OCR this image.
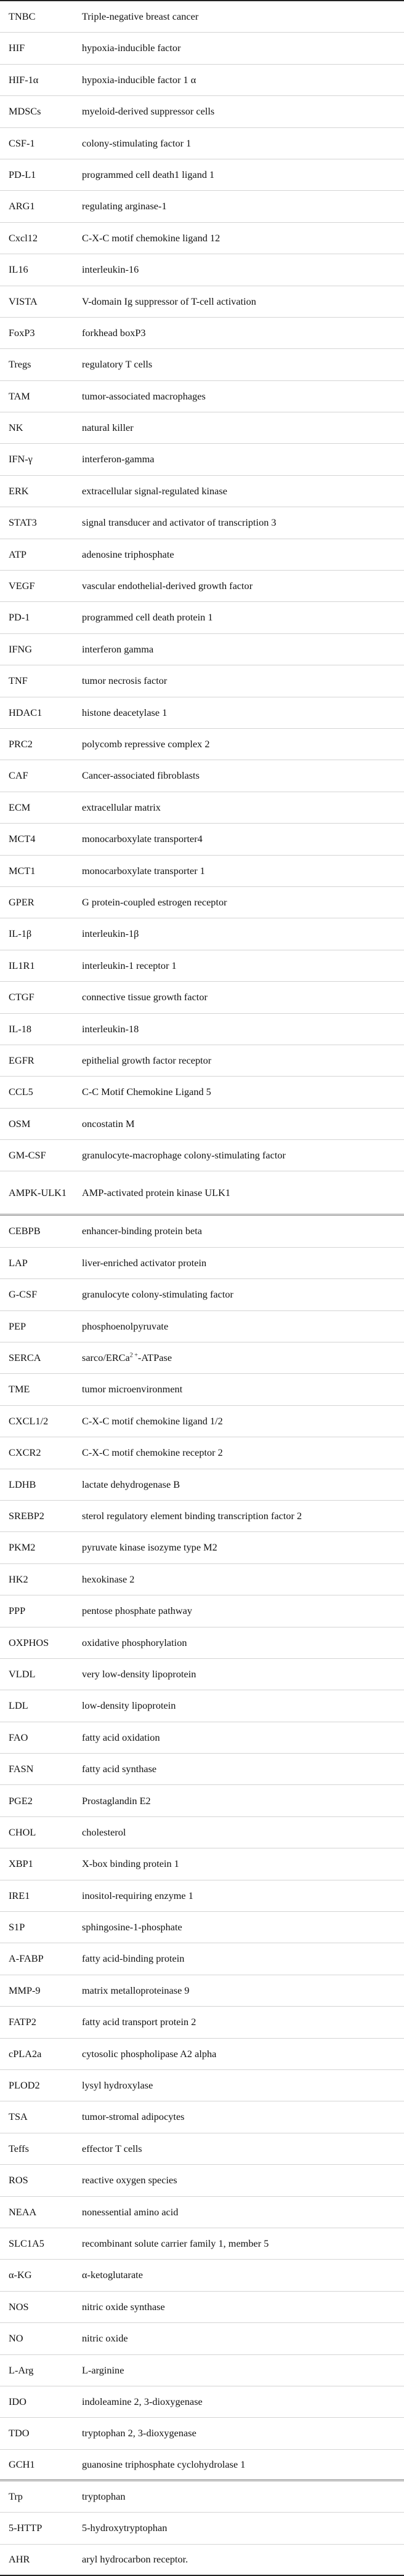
TNBC	Triple-negative breast cancer
HIF	hypoxia-inducible factor
HIF-1α	hypoxia-inducible factor 1 α
MDSCs	myeloid-derived suppressor cells
CSF-1	colony-stimulating factor 1
PD-L1	programmed cell death1 ligand 1
ARG1	regulating arginase-1
Cxcl12	C-X-C motif chemokine ligand 12
IL16	interleukin-16
VISTA	V-domain Ig suppressor of T-cell activation
FoxP3	forkhead boxP3
Tregs	regulatory T cells
TAM	tumor-associated macrophages
NK	natural killer
IFN-γ	interferon-gamma
ERK	extracellular signal-regulated kinase
STAT3	signal transducer and activator of transcription 3
ATP	adenosine triphosphate
VEGF	vascular endothelial-derived growth factor
PD-1	programmed cell death protein 1
IFNG	interferon gamma
TNF	tumor necrosis factor
HDAC1	histone deacetylase 1
PRC2	polycomb repressive complex 2
CAF	Cancer-associated fibroblasts
ECM	extracellular matrix
MCT4	monocarboxylate transporter4
MCT1	monocarboxylate transporter 1
GPER	G protein-coupled estrogen receptor
IL-1β	interleukin-1β
IL1R1	interleukin-1 receptor 1
CTGF	connective tissue growth factor
IL-18	interleukin-18
EGFR	epithelial growth factor receptor
CCL5	C-C Motif Chemokine Ligand 5
OSM	oncostatin M
GM-CSF	granulocyte-macrophage colony-stimulating factor
AMPK-ULK1	AMP-activated protein kinase ULK1
CEBPB	enhancer-binding protein beta
LAP	liver-enriched activator protein
G-CSF	granulocyte colony-stimulating factor
PEP	phosphoenolpyruvate
SERCA	sarco/ERCa$^{2 +}$-ATPase
TME	tumor microenvironment
CXCL1/2	C-X-C motif chemokine ligand 1/2
CXCR2	C-X-C motif chemokine receptor 2
LDHB	lactate dehydrogenase B
SREBP2	sterol regulatory element binding transcription factor 2
PKM2	pyruvate kinase isozyme type M2
HK2	hexokinase 2
PPP	pentose phosphate pathway
OXPHOS	oxidative phosphorylation
VLDL	very low-density lipoprotein
LDL	low-density lipoprotein
FAO	fatty acid oxidation
FASN	fatty acid synthase
PGE2	Prostaglandin E2
CHOL	cholesterol
XBP1	X-box binding protein 1
IRE1	inositol-requiring enzyme 1
S1P	sphingosine-1-phosphate
A-FABP	fatty acid-binding protein
MMP-9	matrix metalloproteinase 9
FATP2	fatty acid transport protein 2
cPLA2a	cytosolic phospholipase A2 alpha
PLOD2	lysyl hydroxylase
TSA	tumor-stromal adipocytes
Teffs	effector T cells
ROS	reactive oxygen species
NEAA	nonessential amino acid
SLC1A5	recombinant solute carrier family 1, member 5
α-KG	α-ketoglutarate
NOS	nitric oxide synthase
NO	nitric oxide
L-Arg	L-arginine
IDO	indoleamine 2, 3-dioxygenase
TDO	tryptophan 2, 3-dioxygenase
GCH1	guanosine triphosphate cyclohydrolase 1
Trp	tryptophan
5-HTTP	5-hydroxytryptophan
AHR	aryl hydrocarbon receptor.
